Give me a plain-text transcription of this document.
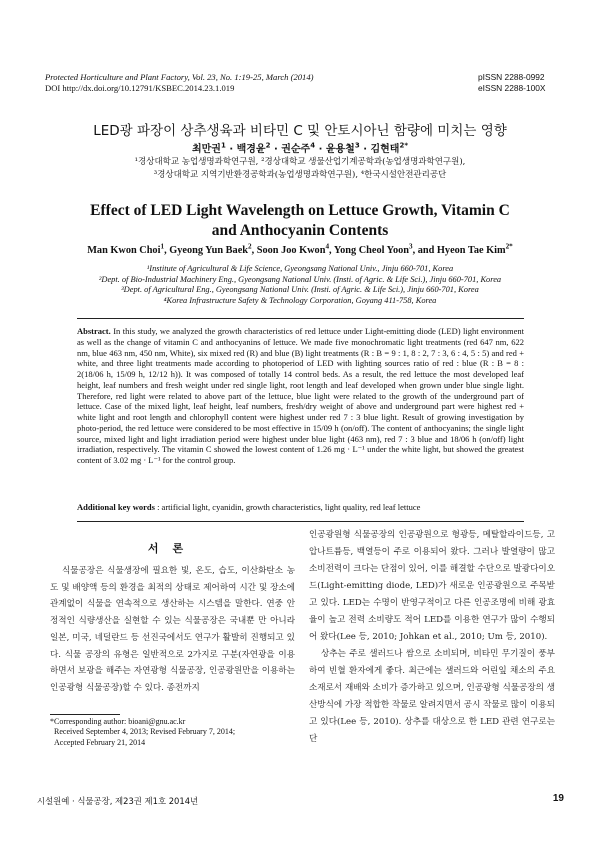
Protected Horticulture and Plant Factory, Vol. 23, No. 1:19-25, March (2014)
DOI http://dx.doi.org/10.12791/KSBEC.2014.23.1.019
pISSN 2288-0992
eISSN 2288-100X
LED광 파장이 상추생육과 비타민 C 및 안토시아닌 함량에 미치는 영향
최만권$^1$ · 백경윤$^2$ · 권순주$^4$ · 윤용철$^3$ · 김현태$^{2*}$
¹경상대학교 농업생명과학연구원, ²경상대학교 생물산업기계공학과(농업생명과학연구원),
³경상대학교 지역기반환경공학과(농업생명과학연구원), ⁴한국시설안전관리공단
Effect of LED Light Wavelength on Lettuce Growth, Vitamin C
and Anthocyanin Contents
Man Kwon Choi$^1$, Gyeong Yun Baek$^2$, Soon Joo Kwon$^4$, Yong Cheol Yoon$^3$, and Hyeon Tae Kim$^{2*}$
¹Institute of Agricultural & Life Science, Gyeongsang National Univ., Jinju 660-701, Korea
²Dept. of Bio-Industrial Machinery Eng., Gyeongsang National Univ. (Insti. of Agric. & Life Sci.), Jinju 660-701, Korea
³Dept. of Agricultural Eng., Gyeongsang National Univ. (Insti. of Agric. & Life Sci.), Jinju 660-701, Korea
⁴Korea Infrastructure Safety & Technology Corporation, Goyang 411-758, Korea
Abstract. In this study, we analyzed the growth characteristics of red lettuce under Light-emitting diode (LED) light environment as well as the change of vitamin C and anthocyanins of lettuce. We made five monochromatic light treatments (red 647 nm, 622 nm, blue 463 nm, 450 nm, White), six mixed red (R) and blue (B) light treatments (R : B = 9 : 1, 8 : 2, 7 : 3, 6 : 4, 5 : 5) and red + white, and three light treatments made according to photoperiod of LED with lighting sources ratio of red : blue (R : B = 8 : 2(18/06 h, 15/09 h, 12/12 h)). It was composed of totally 14 control beds. As a result, the red lettuce the most developed leaf height, leaf numbers and fresh weight under red single light, root length and leaf developed when grown under blue single light. Therefore, red light were related to above part of the lettuce, blue light were related to the growth of the underground part of lettuce. Case of the mixed light, leaf height, leaf numbers, fresh/dry weight of above and underground part were highest red + white light and root length and chlorophyll content were highest under red 7 : 3 blue light. Result of growing investigation by photo-period, the red lettuce were considered to be most effective in 15/09 h (on/off). The content of anthocyanins; the single light source, mixed light and light irradiation period were highest under blue light (463 nm), red 7 : 3 blue and 18/06 h (on/off) light irradiation, respectively. The vitamin C showed the lowest content of 1.26 mg · L⁻¹ under the white light, but showed the greatest content of 3.02 mg · L⁻¹ for the control group.
Additional key words : artificial light, cyanidin, growth characteristics, light quality, red leaf lettuce
서론

식물공장은 식물생장에 필요한 빛, 온도, 습도, 이산화탄소 농도 및 배양액 등의 환경을 최적의 상태로 제어하여 시간 및 장소에 관계없이 식물을 연속적으로 생산하는 시스템을 말한다. 연중 안정적인 식량생산을 실현할 수 있는 식물공장은 국내뿐 만 아니라 일본, 미국, 네덜란드 등 선진국에서도 연구가 활발히 진행되고 있다. 식물 공장의 유형은 일반적으로 2가지로 구분(자연광을 이용하면서 보광을 해주는 자연광형 식물공장, 인공광원만을 이용하는 인공광형 식물공장)할 수 있다. 종전까지

인공광원형 식물공장의 인공광원으로 형광등, 메탈할라이드등, 고압나트륨등, 백열등이 주로 이용되어 왔다. 그러나 발열량이 많고 소비전력이 크다는 단점이 있어, 이를 해결할 수단으로 발광다이오드(Light-emitting diode, LED)가 새로운 인공광원으로 주목받고 있다. LED는 수명이 반영구적이고 다른 인공조명에 비해 광효율이 높고 전력 소비량도 적어 LED를 이용한 연구가 많이 수행되어 왔다(Lee 등, 2010; Johkan et al., 2010; Um 등, 2010).

상추는 주로 샐러드나 쌈으로 소비되며, 비타민 무기질이 풍부하여 빈혈 환자에게 좋다. 최근에는 샐러드와 어린잎 채소의 주요 소재로서 재배와 소비가 증가하고 있으며, 인공광형 식물공장의 생산방식에 가장 적합한 작물로 알려지면서 공시 작물로 많이 이용되고 있다(Lee 등, 2010). 상추를 대상으로 한 LED 관련 연구로는 단

*Corresponding author: bioani@gnu.ac.kr
Received September 4, 2013; Revised February 7, 2014;
Accepted February 21, 2014
시설원예 · 식물공장, 제23권 제1호 2014년	19
